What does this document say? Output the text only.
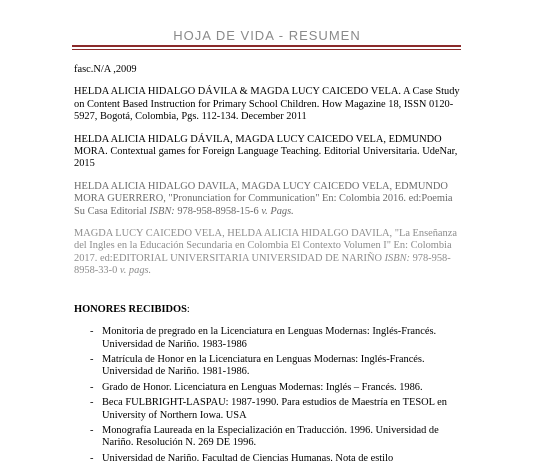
HOJA DE VIDA - RESUMEN

fasc.N/A ,2009

HELDA ALICIA HIDALGO DÁVILA & MAGDA LUCY CAICEDO VELA. A Case Study on Content Based Instruction for Primary School Children. How Magazine 18, ISSN 0120-5927, Bogotá, Colombia, Pgs. 112-134. December 2011

HELDA ALICIA HIDALG DÁVILA, MAGDA LUCY CAICEDO VELA, EDMUNDO MORA. Contextual games for Foreign Language Teaching. Editorial Universitaria. UdeNar, 2015

HELDA ALICIA HIDALGO DAVILA, MAGDA LUCY CAICEDO VELA, EDMUNDO MORA GUERRERO, "Pronunciation for Communication" En: Colombia 2016. ed:Poemia Su Casa Editorial ISBN: 978-958-8958-15-6 v. Pags.

MAGDA LUCY CAICEDO VELA, HELDA ALICIA HIDALGO DAVILA, "La Enseñanza del Ingles en la Educación Secundaria en Colombia El Contexto Volumen I" En: Colombia 2017. ed:EDITORIAL UNIVERSITARIA UNIVERSIDAD DE NARIÑO ISBN: 978-958-8958-33-0 v. pags.

HONORES RECIBIDOS:
- Monitoria de pregrado en la Licenciatura en Lenguas Modernas: Inglés-Francés. Universidad de Nariño. 1983-1986
- Matrícula de Honor en la Licenciatura en Lenguas Modernas: Inglés-Francés. Universidad de Nariño. 1981-1986.
- Grado de Honor. Licenciatura en Lenguas Modernas: Inglés – Francés. 1986.
- Beca FULBRIGHT-LASPAU: 1987-1990. Para estudios de Maestría en TESOL en University of Northern Iowa. USA
- Monografía Laureada en la Especialización en Traducción. 1996. Universidad de Nariño. Resolución N. 269 DE 1996.
- Universidad de Nariño. Facultad de Ciencias Humanas. Nota de estilo
